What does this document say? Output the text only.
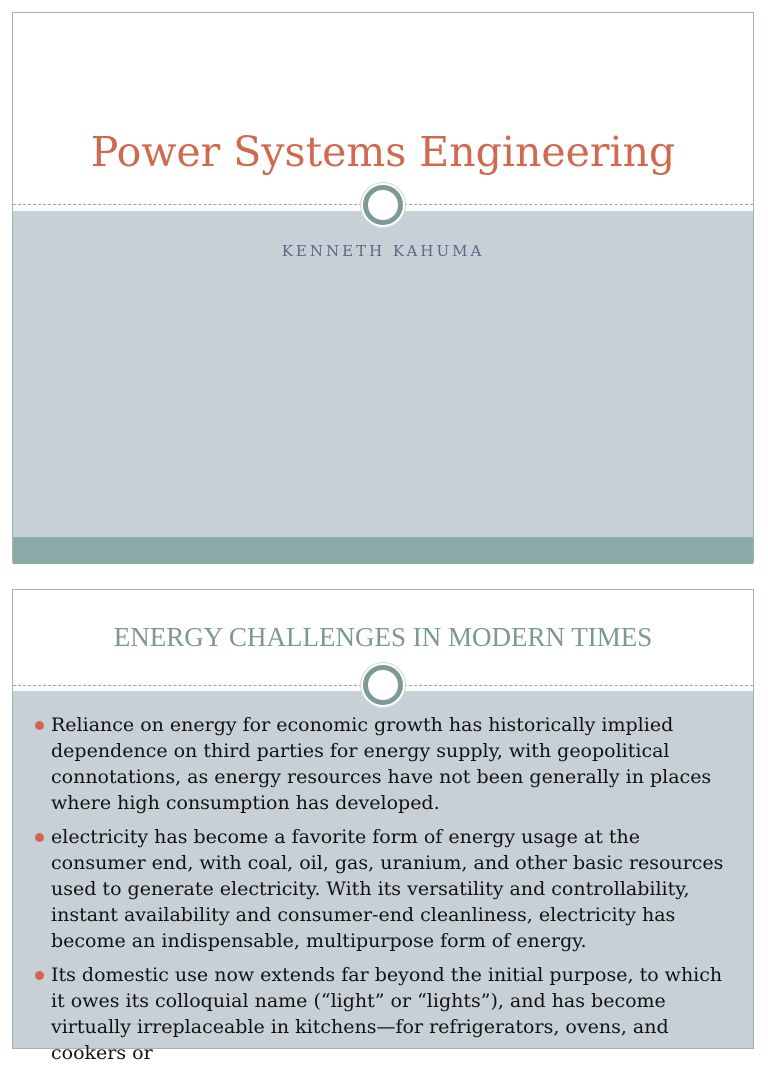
Power Systems Engineering
KENNETH KAHUMA
ENERGY CHALLENGES IN MODERN TIMES
Reliance on energy for economic growth has historically implied dependence on third parties for energy supply, with geopolitical connotations, as energy resources have not been generally in places where high consumption has developed.
electricity has become a favorite form of energy usage at the consumer end, with coal, oil, gas, uranium, and other basic resources used to generate electricity. With its versatility and controllability, instant availability and consumer-end cleanliness, electricity has become an indispensable, multipurpose form of energy.
Its domestic use now extends far beyond the initial purpose, to which it owes its colloquial name (“light” or “lights”), and has become virtually irreplaceable in kitchens—for refrigerators, ovens, and cookers or
